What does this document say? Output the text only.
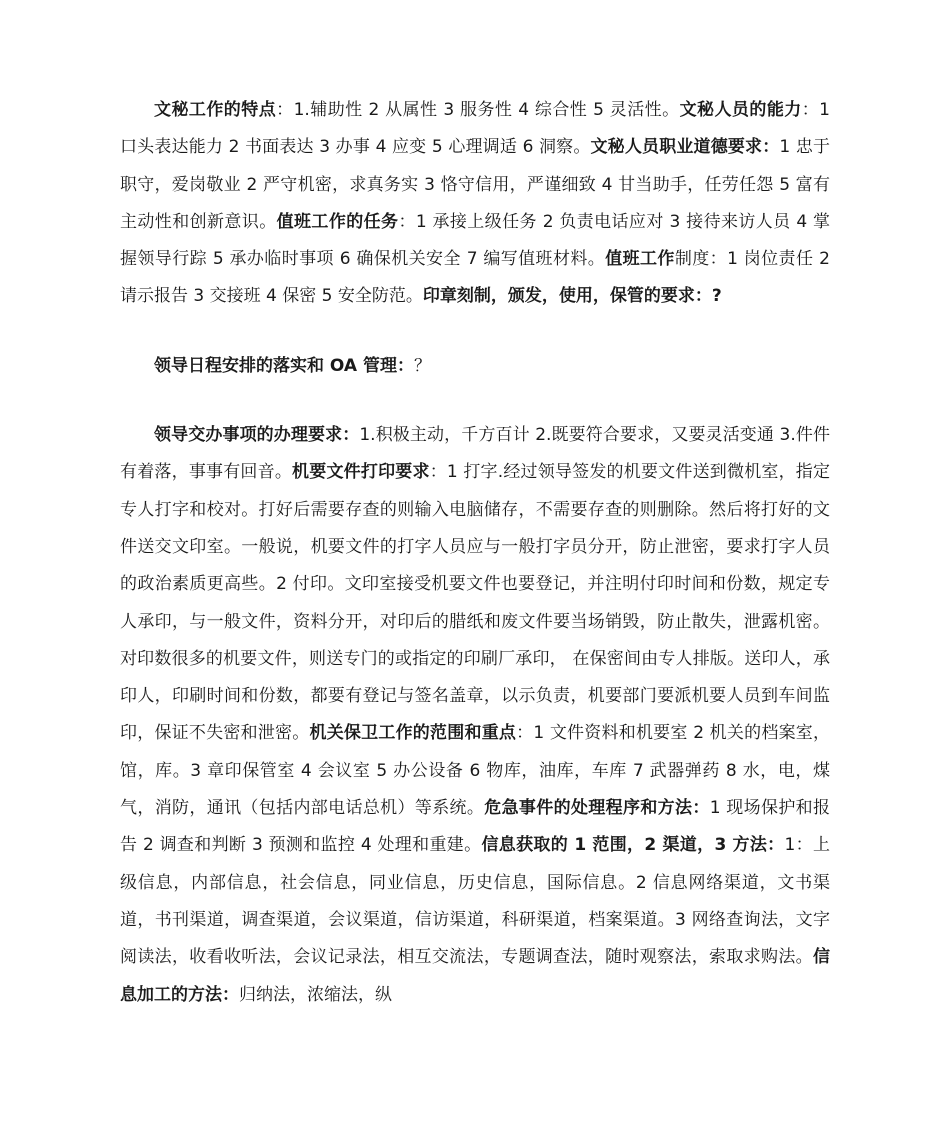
文秘工作的特点：1.辅助性 2 从属性 3 服务性 4 综合性 5 灵活性。文秘人员的能力：1 口头表达能力 2 书面表达 3 办事 4 应变 5 心理调适 6 洞察。文秘人员职业道德要求：1 忠于职守，爱岗敬业 2 严守机密，求真务实 3 恪守信用，严谨细致 4 甘当助手，任劳任怨 5 富有主动性和创新意识。值班工作的任务：1 承接上级任务 2 负责电话应对 3 接待来访人员 4 掌握领导行踪 5 承办临时事项 6 确保机关安全 7 编写值班材料。值班工作制度：1 岗位责任 2 请示报告 3 交接班 4 保密 5 安全防范。印章刻制，颁发，使用，保管的要求：?

领导日程安排的落实和 OA 管理：？

领导交办事项的办理要求：1.积极主动，千方百计 2.既要符合要求，又要灵活变通 3.件件有着落，事事有回音。机要文件打印要求：1 打字.经过领导签发的机要文件送到微机室，指定专人打字和校对。打好后需要存查的则输入电脑储存，不需要存查的则删除。然后将打好的文件送交文印室。一般说，机要文件的打字人员应与一般打字员分开，防止泄密，要求打字人员的政治素质更高些。2 付印。文印室接受机要文件也要登记，并注明付印时间和份数，规定专人承印，与一般文件，资料分开，对印后的腊纸和废文件要当场销毁，防止散失，泄露机密。对印数很多的机要文件，则送专门的或指定的印刷厂承印， 在保密间由专人排版。送印人，承印人，印刷时间和份数，都要有登记与签名盖章，以示负责，机要部门要派机要人员到车间监印，保证不失密和泄密。机关保卫工作的范围和重点：1 文件资料和机要室 2 机关的档案室，馆，库。3 章印保管室 4 会议室 5 办公设备 6 物库，油库，车库 7 武器弹药 8 水，电，煤气，消防，通讯（包括内部电话总机）等系统。危急事件的处理程序和方法：1 现场保护和报告 2 调查和判断 3 预测和监控 4 处理和重建。信息获取的 1 范围，2 渠道，3 方法：1：上级信息，内部信息，社会信息，同业信息，历史信息，国际信息。2 信息网络渠道，文书渠道，书刊渠道，调查渠道，会议渠道，信访渠道，科研渠道，档案渠道。3 网络查询法，文字阅读法，收看收听法，会议记录法，相互交流法，专题调查法，随时观察法，索取求购法。信息加工的方法：归纳法，浓缩法，纵
